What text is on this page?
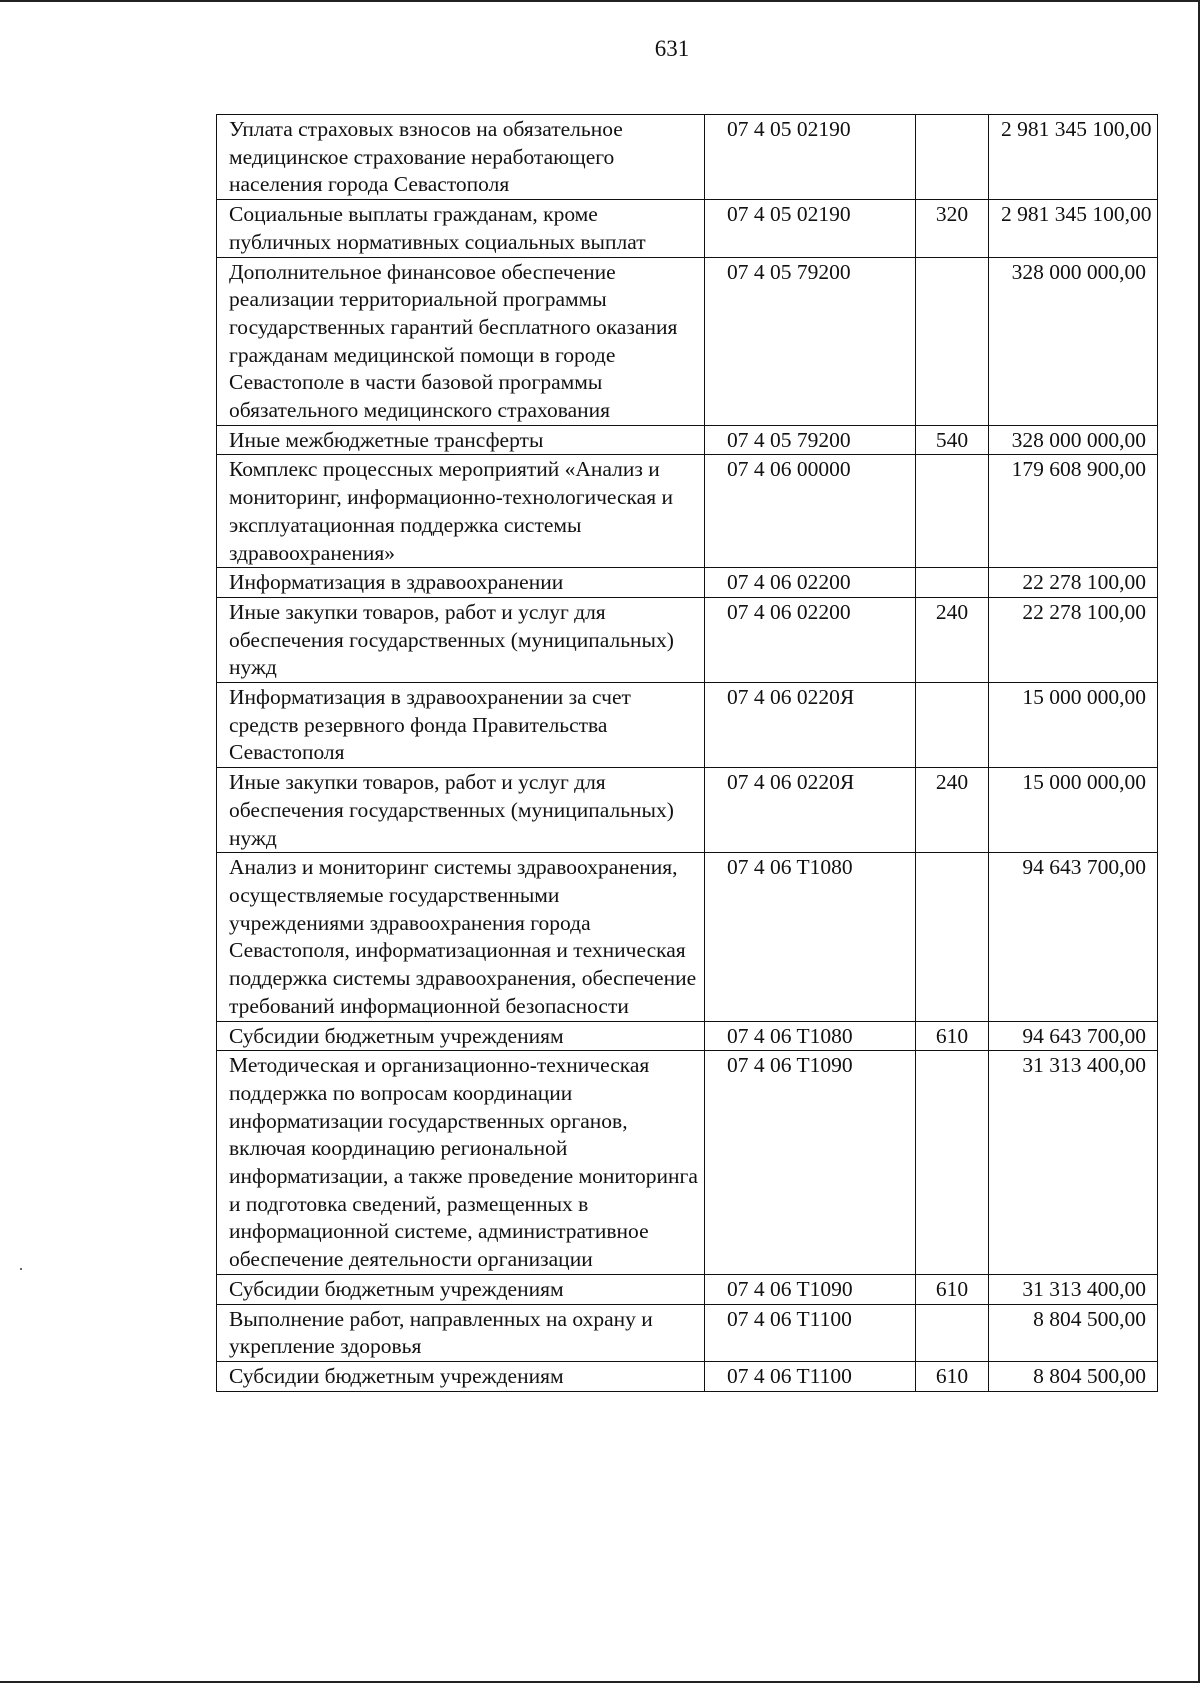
631
Уплата страховых взносов на обязательное медицинское страхование неработающего населения города Севастополя	07 4 05 02190		2 981 345 100,00
Социальные выплаты гражданам, кроме публичных нормативных социальных выплат	07 4 05 02190	320	2 981 345 100,00
Дополнительное финансовое обеспечение реализации территориальной программы государственных гарантий бесплатного оказания гражданам медицинской помощи в городе Севастополе в части базовой программы обязательного медицинского страхования	07 4 05 79200		328 000 000,00
Иные межбюджетные трансферты	07 4 05 79200	540	328 000 000,00
Комплекс процессных мероприятий «Анализ и мониторинг, информационно-технологическая и эксплуатационная поддержка системы здравоохранения»	07 4 06 00000		179 608 900,00
Информатизация в здравоохранении	07 4 06 02200		22 278 100,00
Иные закупки товаров, работ и услуг для обеспечения государственных (муниципальных) нужд	07 4 06 02200	240	22 278 100,00
Информатизация в здравоохранении за счет средств резервного фонда Правительства Севастополя	07 4 06 0220Я		15 000 000,00
Иные закупки товаров, работ и услуг для обеспечения государственных (муниципальных) нужд	07 4 06 0220Я	240	15 000 000,00
Анализ и мониторинг системы здравоохранения, осуществляемые государственными учреждениями здравоохранения города Севастополя, информатизационная и техническая поддержка системы здравоохранения, обеспечение требований информационной безопасности	07 4 06 T1080		94 643 700,00
Субсидии бюджетным учреждениям	07 4 06 T1080	610	94 643 700,00
Методическая и организационно-техническая поддержка по вопросам координации информатизации государственных органов, включая координацию региональной информатизации, а также проведение мониторинга и подготовка сведений, размещенных в информационной системе, административное обеспечение деятельности организации	07 4 06 T1090		31 313 400,00
Субсидии бюджетным учреждениям	07 4 06 T1090	610	31 313 400,00
Выполнение работ, направленных на охрану и укрепление здоровья	07 4 06 T1100		8 804 500,00
Субсидии бюджетным учреждениям	07 4 06 T1100	610	8 804 500,00
